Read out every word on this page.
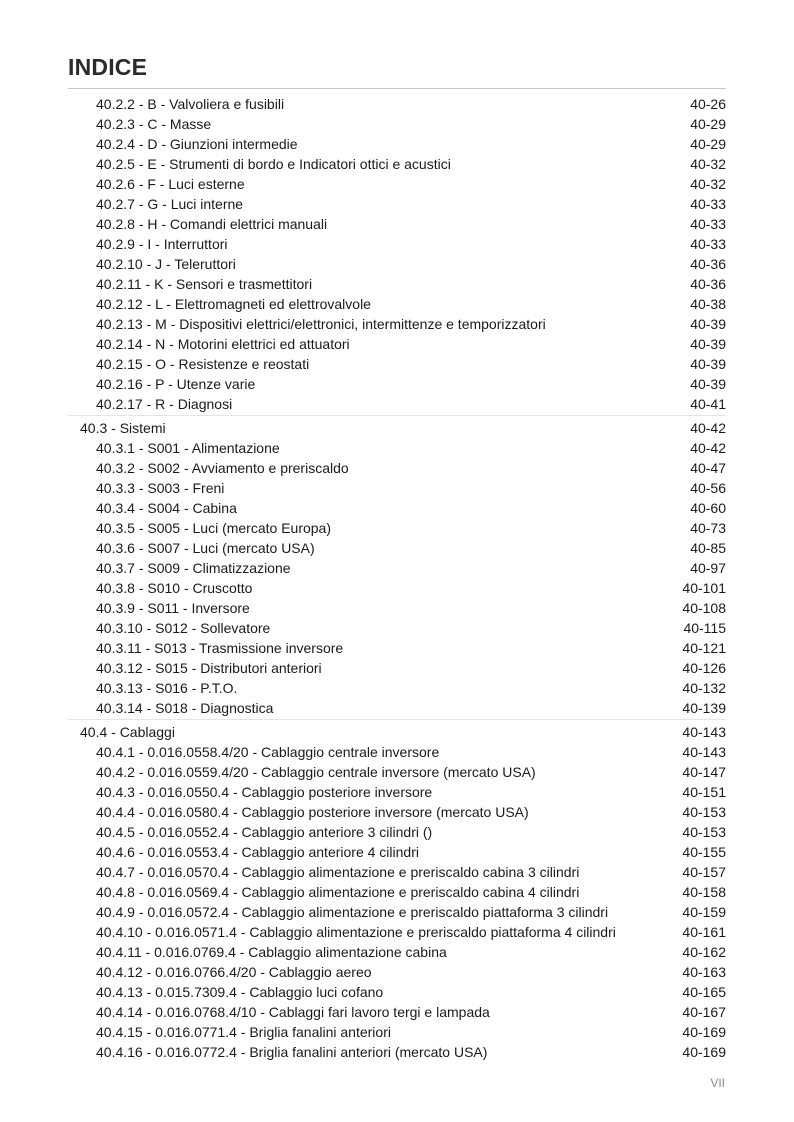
INDICE
40.2.2 - B - Valvoliera e fusibili	40-26
40.2.3 - C - Masse	40-29
40.2.4 - D - Giunzioni intermedie	40-29
40.2.5 - E - Strumenti di bordo e Indicatori ottici e acustici	40-32
40.2.6 - F - Luci esterne	40-32
40.2.7 - G - Luci interne	40-33
40.2.8 - H - Comandi elettrici manuali	40-33
40.2.9 - I - Interruttori	40-33
40.2.10 - J - Teleruttori	40-36
40.2.11 - K - Sensori e trasmettitori	40-36
40.2.12 - L - Elettromagneti ed elettrovalvole	40-38
40.2.13 - M - Dispositivi elettrici/elettronici, intermittenze e temporizzatori	40-39
40.2.14 - N - Motorini elettrici ed attuatori	40-39
40.2.15 - O - Resistenze e reostati	40-39
40.2.16 - P - Utenze varie	40-39
40.2.17 - R - Diagnosi	40-41
40.3 - Sistemi	40-42
40.3.1 - S001 - Alimentazione	40-42
40.3.2 - S002 - Avviamento e preriscaldo	40-47
40.3.3 - S003 - Freni	40-56
40.3.4 - S004 - Cabina	40-60
40.3.5 - S005 - Luci (mercato Europa)	40-73
40.3.6 - S007 - Luci (mercato USA)	40-85
40.3.7 - S009 - Climatizzazione	40-97
40.3.8 - S010 - Cruscotto	40-101
40.3.9 - S011 - Inversore	40-108
40.3.10 - S012 - Sollevatore	40-115
40.3.11 - S013 - Trasmissione inversore	40-121
40.3.12 - S015 - Distributori anteriori	40-126
40.3.13 - S016 - P.T.O.	40-132
40.3.14 - S018 - Diagnostica	40-139
40.4 - Cablaggi	40-143
40.4.1 - 0.016.0558.4/20 - Cablaggio centrale inversore	40-143
40.4.2 - 0.016.0559.4/20 - Cablaggio centrale inversore (mercato USA)	40-147
40.4.3 - 0.016.0550.4 - Cablaggio posteriore inversore	40-151
40.4.4 - 0.016.0580.4 - Cablaggio posteriore inversore (mercato USA)	40-153
40.4.5 - 0.016.0552.4 - Cablaggio anteriore 3 cilindri ()	40-153
40.4.6 - 0.016.0553.4 - Cablaggio anteriore 4 cilindri	40-155
40.4.7 - 0.016.0570.4 - Cablaggio alimentazione e preriscaldo cabina 3 cilindri	40-157
40.4.8 - 0.016.0569.4 - Cablaggio alimentazione e preriscaldo cabina 4 cilindri	40-158
40.4.9 - 0.016.0572.4 - Cablaggio alimentazione e preriscaldo piattaforma 3 cilindri	40-159
40.4.10 - 0.016.0571.4 - Cablaggio alimentazione e preriscaldo piattaforma 4 cilindri	40-161
40.4.11 - 0.016.0769.4 - Cablaggio alimentazione cabina	40-162
40.4.12 - 0.016.0766.4/20 - Cablaggio aereo	40-163
40.4.13 - 0.015.7309.4 - Cablaggio luci cofano	40-165
40.4.14 - 0.016.0768.4/10 - Cablaggi fari lavoro tergi e lampada	40-167
40.4.15 - 0.016.0771.4 - Briglia fanalini anteriori	40-169
40.4.16 - 0.016.0772.4 - Briglia fanalini anteriori (mercato USA)	40-169
VII
